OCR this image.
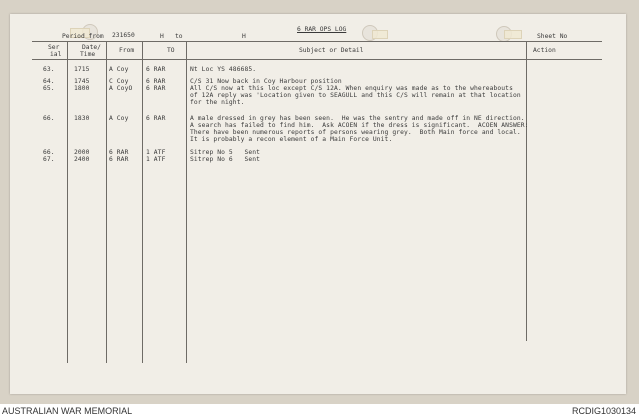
6 RAR OPS LOG
Period from 231650	H to	H	Sheet No
Ser
ial
Date/
Time
From	TO	Subject or Detail	Action
63.	1715	A Coy	6 RAR	Nt Loc YS 486685.
64.	1745	C Coy	6 RAR	C/S 31 Now back in Coy Harbour position
65.	1800	A CoyO 6 RAR	All C/S now at this loc except C/S 12A. When enquiry was made as to the whereabouts
of 12A reply was 'Location given to SEAGULL and this C/S will remain at that location
for the night.
66.	1830	A Coy	6 RAR	A male dressed in grey has been seen.  He was the sentry and made off in NE direction.
A search has failed to find him.  Ask ACOEN if the dress is significant.  ACOEN ANSWER:
There have been numerous reports of persons wearing grey.  Both Main force and local.
It is probably a recon element of a Main Force Unit.
66.	2000	6 RAR	1 ATF	Sitrep No 5   Sent
67.	2400	6 RAR	1 ATF	Sitrep No 6   Sent
AUSTRALIAN WAR MEMORIAL	RCDIG1030134
